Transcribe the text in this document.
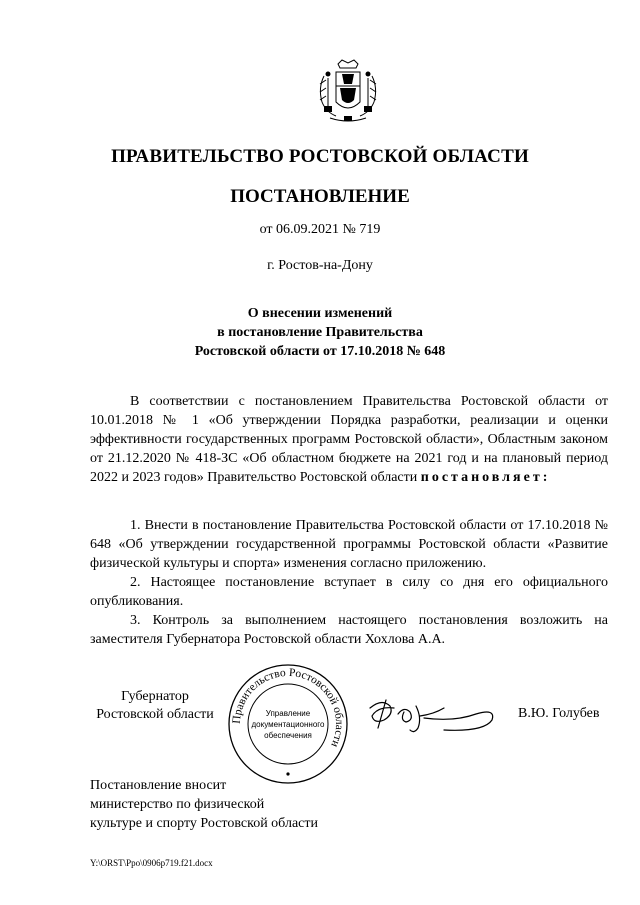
ПРАВИТЕЛЬСТВО РОСТОВСКОЙ ОБЛАСТИ
ПОСТАНОВЛЕНИЕ
от 06.09.2021 № 719
г. Ростов-на-Дону
О внесении изменений
в постановление Правительства
Ростовской области от 17.10.2018 № 648
В соответствии с постановлением Правительства Ростовской области от 10.01.2018 № 1 «Об утверждении Порядка разработки, реализации и оценки эффективности государственных программ Ростовской области», Областным законом от 21.12.2020 № 418-ЗС «Об областном бюджете на 2021 год и на плановый период 2022 и 2023 годов» Правительство Ростовской области постановляет:
1. Внести в постановление Правительства Ростовской области от 17.10.2018 № 648 «Об утверждении государственной программы Ростовской области «Развитие физической культуры и спорта» изменения согласно приложению.
2. Настоящее постановление вступает в силу со дня его официального опубликования.
3. Контроль за выполнением настоящего постановления возложить на заместителя Губернатора Ростовской области Хохлова А.А.
Губернатор
Ростовской области	Правительство Ростовской области
Управление
документационного
обеспечения
В.Ю. Голубев
Постановление вносит
министерство по физической
культуре и спорту Ростовской области
Y:\ORST\Ppo\0906p719.f21.docx
